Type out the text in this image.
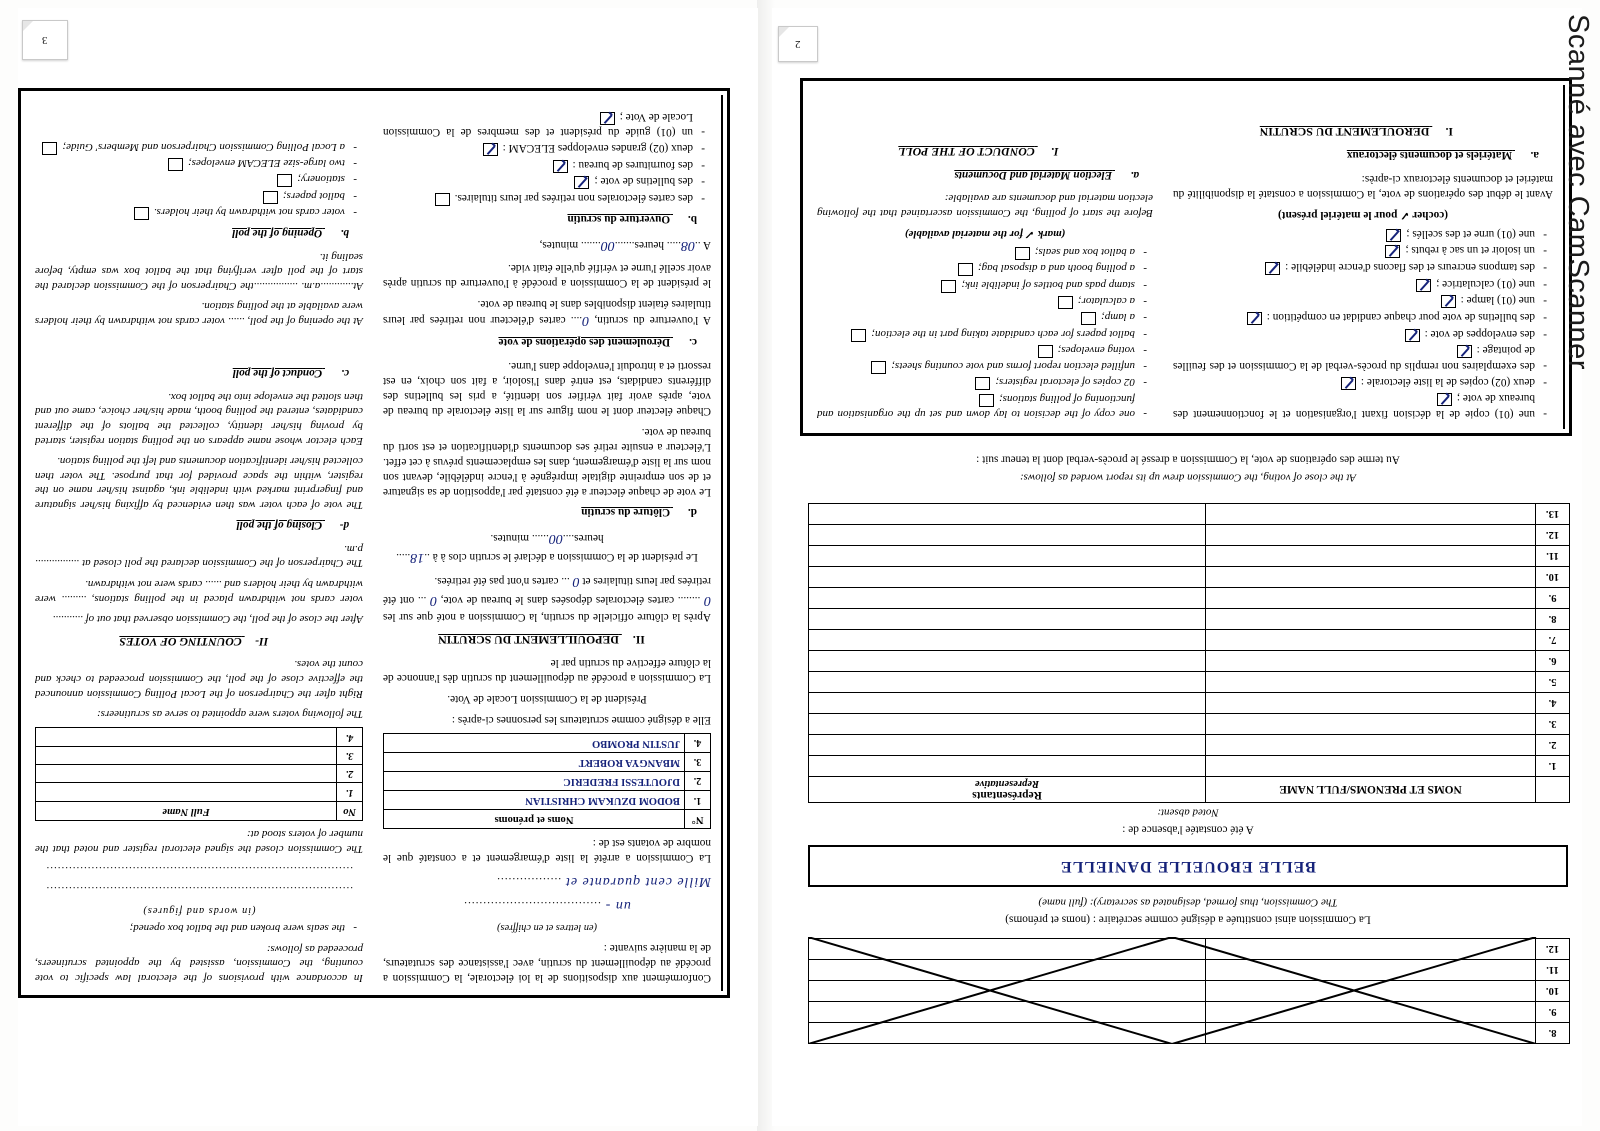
3

In accordance with provisions of the electoral law specific to vote counting, the Commission, assisted by the appointed scrutineers, proceeded as follows:

-
the seals were broken and the ballot box opened;

(in words and figures)

..................................................................................

..................................................................................

The Commission closed the signed electoral register and noted that the number of voters stood at:

No	Full Name
1.	
2.	
3.	
4.	

The following voters were appointed to serve as scrutineers:

Right after the Chairperson of the Local Polling Commission announced the effective close of the poll, the Commission proceeded to check and count the votes.

II- COUNTING OF VOTES

After the close of the poll, the Commission observed that out of ...........

voter cards not withdrawn placed in the polling stations, ......... were withdrawn by their holders and ...... cards were not withdrawn.

The Chairperson of the Commission declared the poll closed at ................ p.m.

d- Closing of the poll

The vote of each voter was then evidenced by affixing his/her signature and fingerprint marked with indelible ink, against his/her name on the register, within the space provided for that purpose. The voter then collected his/her identification documents and left the polling station.

Each elector whose name appears on the polling station register, started by proving his/her identity, collected the ballots of the different candidates, entered the polling booth, made his/her choice, came out and then slotted the envelope into the ballot box.

c. Conduct of the poll

At the opening of the poll, ...... voter cards not withdrawn by their holders were available at the polling station.

At............a.m. ................the Chairperson of the Commission declared the start of the poll after verifying that the ballot box was empty, before sealing it.

b. Opening of the poll
-
voter cards not withdrawn by their holders.
-
ballot papers;
-
stationery;
-
two large-size ELECAM envelopes;
-
a Local Polling Commission Chairperson and Members' Guide;

Conformément aux dispositions de la loi électorale, la Commission a procédé au dépouillement du scrutin, avec l'assistance des scrutateurs, de la manière suivante :

(en lettres et en chiffres)

un - ....................................

Mille cent quarante et .................

La Commission a arrêté la liste d'émargement et a constaté que le nombre de votants est de :

N°	Noms et prénoms
1.	BODOM DZUKAM CHRISTIAN
2.	DJOUTESSI FREDERIC
3.	MBANGYA ROBERT
4.	JUSTIN PROMBO

Elle a désigné comme scrutateurs les personnes ci-après :

Président de la Commission Locale de Vote.

La Commission a procédé au dépouillement du scrutin dès l'annonce de la clôture effective du scrutin par le

II. DEPOUILLEMENT DU SCRUTIN

Après la clôture officielle du scrutin, la Commission a noté que sur les 0 ........ cartes électorales déposées dans le bureau de vote, 0 ... ont été retirées par leurs titulaires et 0 ... cartes n'ont pas été retirées.

Le président de la Commission a déclaré le scrutin clos à à ..18..... heures....00...... minutes.

d. Clôture du scrutin

Le vote de chaque électeur a été constaté par l'apposition de sa signature et de son empreinte digitale imprégnée à l'encre indélébile, devant son nom sur la liste d'émargement, dans les emplacements prévus à cet effet. L'électeur a ensuite retiré ses documents d'identification et est sorti du bureau de vote.

Chaque électeur dont le nom figure sur la liste électorale du bureau de vote, après avoir fait vérifier son identité, a pris les bulletins des différents candidats, est entré dans l'isoloir, a fait son choix, en est ressorti et a introduit l'enveloppe dans l'urne.

c. Déroulement des opérations de vote

A l'ouverture du scrutin, 0.... cartes d'électeur non retirées par leurs titulaires étaient disponibles dans le bureau de vote.

le président de la Commission a procédé à l'ouverture du scrutin après avoir scellé l'urne et vérifié qu'elle était vide.

A ..08..... heures.......00....... minutes,

b. Ouverture du scrutin
-
des cartes électorales non retirées par leurs titulaires.
-
des bulletins de vote ;
-
des fournitures de bureau :
-
deux (02) grandes enveloppes ELECAM :
-
un (01) guide du président et des membres de la Commission Locale de Vote ;
2
-
one copy of the decision to lay down and set up the organisation and functioning of polling stations;
-
02 copies of electoral registers;
-
unfilled election report forms and vote counting sheets;
-
voting envelopes;
-
ballot papers for each candidate taking part in the election;
-
a lamp;
-
a calculator;
-
stamp pads and bottles of indelible ink;
-
a polling booth and a disposal bag;
-
a ballot box and seals;

(mark ✓ for the material available)

Before the start of polling, the Commission ascertained that the following election material and documents are available:

a. Election Material and Documents
I. CONDUCT OF THE POLL
-
une (01) copie de la décision fixant l'organisation et le fonctionnement des bureaux de vote ;
-
deux (02) copies de la liste électorale :
-
des exemplaires non remplis du procès-verbal de la Commission et des feuilles de pointage :
-
des enveloppes de vote :
-
des bulletins de vote pour chaque candidat en compétition :
-
une (01) lampe :
-
une (01) calculatrice ;
-
des tampons encreurs et des flacons d'encre indélébile :
-
un isoloir et un sac à rebuts ;
-
une (01) urne et des scellés ;

(cocher ✓ pour le matériel présent)

Avant le début des opérations de vote, la Commission a constaté la disponibilité du matériel et documents électoraux ci-après:

a. Matériels et documents électoraux
I. DEROULEMENT DU SCRUTIN

At the close of voting, the Commission drew up its report worded as follows:

Au terme des opérations de vote, la Commission a dressé le procès-verbal dont la teneur suit :

	NOMS ET PRENOMS/FULL NAME	Représentants
Representative

1.		
2.		
3.		
4.		
5.		
6.		
7.		
8.		
9.		
10.		
11.		
12.		
13.		

A été constatée l'absence de :

Noted absent:

BELLE EBOUELLE DANIELLE

La Commission ainsi constituée a désigné comme secrétaire : (noms et prénoms)

The Commission, thus formed, designated as secretary): (full name)

8.		
9.		
10.		
11.		
12.		
Scanné avec CamScanner
